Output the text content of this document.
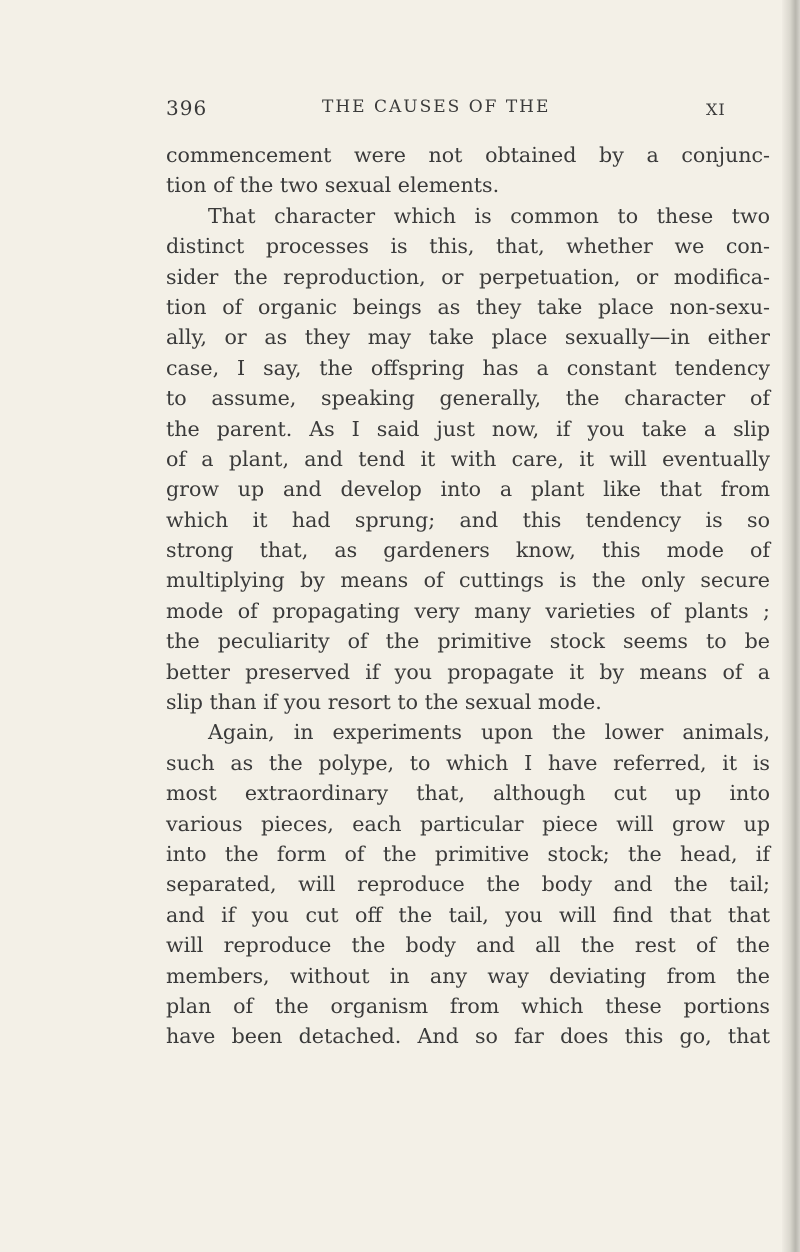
396	THE CAUSES OF THE	XI
commencement were not obtained by a conjunc-
tion of the two sexual elements.
That character which is common to these two
distinct processes is this, that, whether we con-
sider the reproduction, or perpetuation, or modifica-
tion of organic beings as they take place non-sexu-
ally, or as they may take place sexually—in either
case, I say, the offspring has a constant tendency
to assume, speaking generally, the character of
the parent. As I said just now, if you take a slip
of a plant, and tend it with care, it will eventually
grow up and develop into a plant like that from
which it had sprung; and this tendency is so
strong that, as gardeners know, this mode of
multiplying by means of cuttings is the only secure
mode of propagating very many varieties of plants ;
the peculiarity of the primitive stock seems to be
better preserved if you propagate it by means of a
slip than if you resort to the sexual mode.
Again, in experiments upon the lower animals,
such as the polype, to which I have referred, it is
most extraordinary that, although cut up into
various pieces, each particular piece will grow up
into the form of the primitive stock; the head, if
separated, will reproduce the body and the tail;
and if you cut off the tail, you will find that that
will reproduce the body and all the rest of the
members, without in any way deviating from the
plan of the organism from which these portions
have been detached. And so far does this go, that
